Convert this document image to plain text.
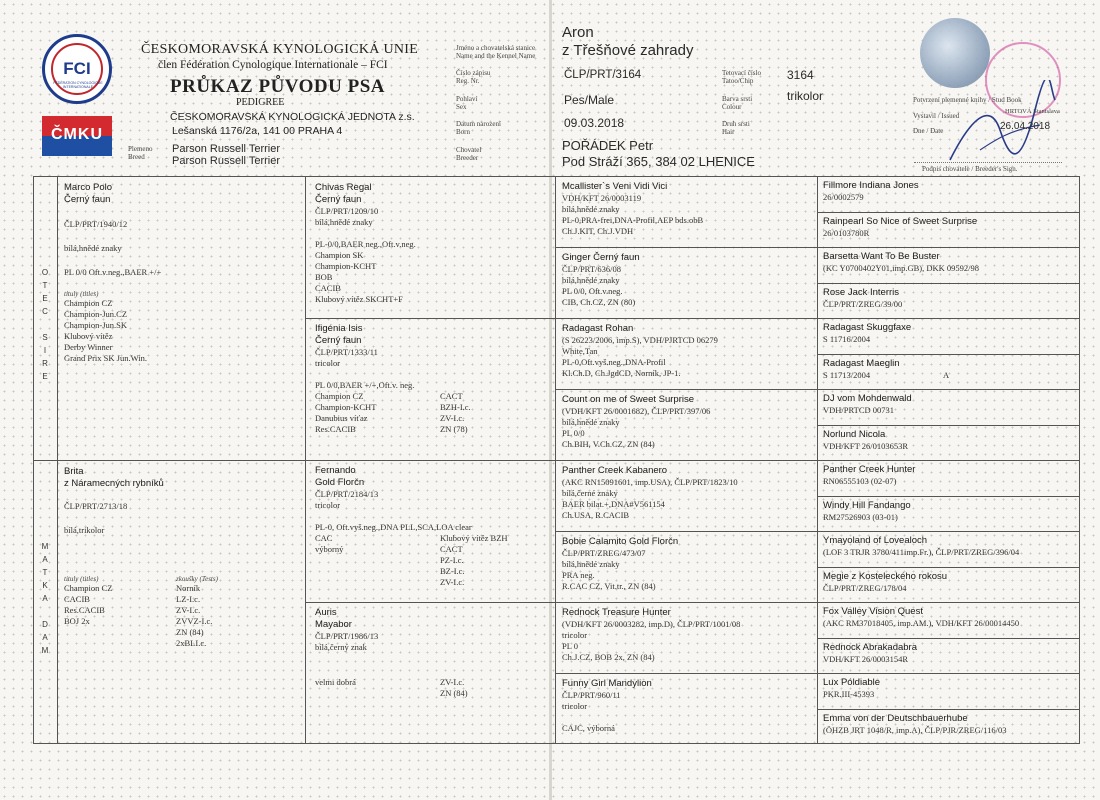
FCI
FÉDÉRATION CYNOLOGIQUE INTERNATIONALE
ČMKU
ČESKOMORAVSKÁ KYNOLOGICKÁ UNIE
člen Fédération Cynologique Internationale – FCI
PRŮKAZ PŮVODU PSA
PEDIGREE
ČESKOMORAVSKÁ KYNOLOGICKÁ JEDNOTA z.s.
Lešanská 1176/2a, 141 00 PRAHA 4
Plemeno
Breed
Parson Russell Terrier
Parson Russell Terrier
Jméno a chovatelská stanice
Name and the Kennel Name
Číslo zápisu
Reg. Nr.
Pohlaví
Sex
Datum narození
Born
Chovatel
Breeder
Aron
z Třešňové zahrady
ČLP/PRT/3164
Pes/Male
09.03.2018
POŘÁDEK Petr
Pod Stráží 365, 384 02 LHENICE
Tetovací číslo
Tatoo/Chip
Barva srsti
Colour
Druh srsti
Hair
3164
trikolor	Potvrzení plemenné knihy / Stud Book
Vystavil / Issued
HRTOVÁ Stanislava
Dne / Date	26.04.2018
Podpis chovatele / Breeder's Sign.
O
T
E
C
S
I
R
E
M
A
T
K
A
D
A
M
Marco Polo
Černý faun
ČLP/PRT/1940/12
bílá,hnědé znaky
PL 0/0 Oft.v.neg.,BAER +/+
tituly (titles)
Champion CZ
Champion-Jun.CZ
Champion-Jun.SK
Klubový vítěz
Derby Winner
Grand Prix SK Jun.Win.
Brita
z Náramecných rybníků
ČLP/PRT/2713/18
bílá,trikolor
tituly (titles)
Champion CZ
CACIB
Res.CACIB
BOJ 2x
zkoušky (Tests)
Norník
LZ-I.c.
ZV-I.c.
ZVVZ-I.c.
ZN (84)
2xBLI.c.
Chivas Regal
Černý faun
ČLP/PRT/1209/10
bílá,hnědé znaky
PL-0/0,BAER neg.,Oft.v.neg.
Champion SK
Champion-KCHT
BOB
CACIB
Klubový vítěz SKCHT+F
Ifigénia Isis
Černý faun
ČLP/PRT/1333/11
tricolor
PL 0/0,BAER +/+,Oft.v. neg.
Champion CZ
Champion-KCHT
Danubius víťaz
Res.CACIB
CACT
BZH-I.c.
ZV-I.c.
ZN (78)
Fernando
Gold Florčn
ČLP/PRT/2184/13
tricolor
PL-0, Oft.vyš.neg.,DNA PLL,SCA,LOA clear
CAC
výborný
Klubový vítěz BZH
CACT
PZ-I.c.
BZ-I.c.
ZV-I.c.
Auris
Mayabor
ČLP/PRT/1986/13
bílá,černý znak
velmi dobrá	ZV-I.c.
ZN (84)
Mcallister`s Veni Vidi Vici
VDH/KFT 26/0003119
bílá,hnědé znaky
PL-0,PRA-frei,DNA-Profil,AEP bds.obB
Ch.J.KIT, Ch.J.VDH
Ginger Černý faun
ČLP/PRT/636/08
bílá,hnědé znaky
PL 0/0, Oft.v.neg.
CIB, Ch.CZ, ZN (80)
Radagast Rohan
(S 26223/2006, imp.S), VDH/PJRTCD 06279
White,Tan
PL-0,Oft.vyš.neg.,DNA-Profil
Kl.Ch.D, Ch.JgdCD, Norník, JP-1.
Count on me of Sweet Surprise
(VDH/KFT 26/0001682), ČLP/PRT/397/06
bílá,hnědé znaky
PL 0/0
Ch.BIH, V.Ch.CZ, ZN (84)
Panther Creek Kabanero
(AKC RN15091601, imp.USA), ČLP/PRT/1823/10
bílá,černé znaky
BAER bilat.+,DNA#V561154
Ch.USA, R.CACIB
Bobie Calamito Gold Florčn
ČLP/PRT/ZREG/473/07
bílá,hnědé znaky
PRA neg.
R.CAC CZ, Vit.tr., ZN (84)
Rednock Treasure Hunter
(VDH/KFT 26/0003282, imp.D), ČLP/PRT/1001/08
tricolor
PL 0
Ch.J.CZ, BOB 2x, ZN (84)
Funny Girl Mandylion
ČLP/PRT/960/11
tricolor
CAJC, výborná
Fillmore Indiana Jones
26/0002579
Rainpearl So Nice of Sweet Surprise
26/0103780R
Barsetta Want To Be Buster
(KC Y0700402Y01,imp.GB), DKK 09592/98
Rose Jack Interris
ČLP/PRT/ZREG/39/00
Radagast Skuggfaxe
S 11716/2004
Radagast Maeglin
S 11713/2004	A
DJ vom Mohdenwald
VDH/PRTCD 00731
Norlund Nicola
VDH/KFT 26/0103653R
Panther Creek Hunter
RN06555103 (02-07)
Windy Hill Fandango
RM27526903 (03-01)
Ymayoland of Lovealoch
(LOF 3 TRJR 3780/411imp.Fr.), ČLP/PRT/ZREG/396/04
Megie z Kosteleckého rokosu
ČLP/PRT/ZREG/178/04
Fox Valley Vision Quest
(AKC RM37018405, imp.AM.), VDH/KFT 26/00014450
Rednock Abrakadabra
VDH/KFT 26/0003154R
Lux Póldiable
PKR.III-45393
Emma von der Deutschbauerhube
(ÖHZB JRT 1048/R, imp.A), ČLP/PJR/ZREG/116/03
